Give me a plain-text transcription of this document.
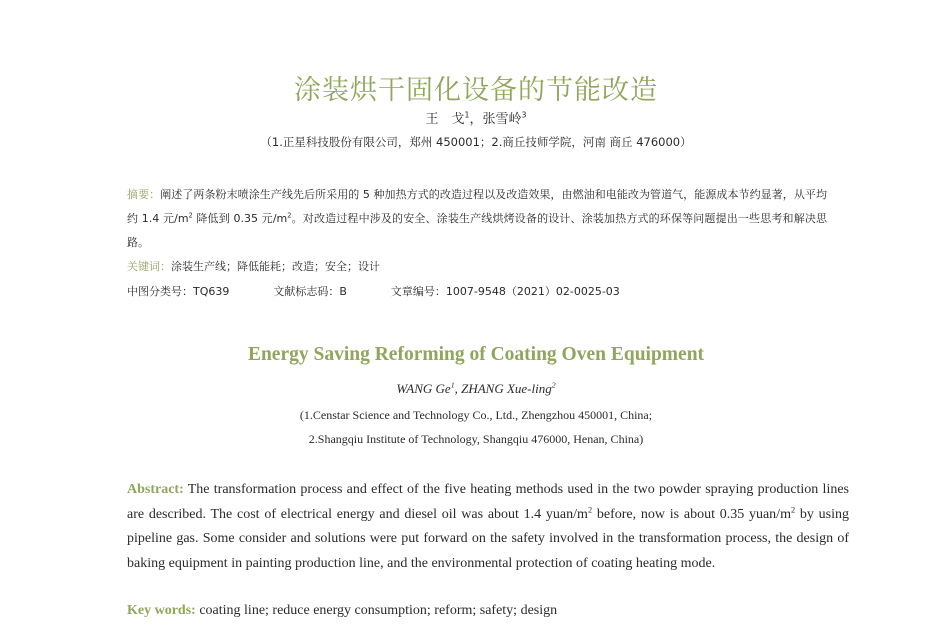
涂装烘干固化设备的节能改造
王　戈$^1$，张雪岭$^3$
（1.正星科技股份有限公司，郑州 450001；2.商丘技师学院，河南 商丘 476000）
摘要：阐述了两条粉末喷涂生产线先后所采用的 5 种加热方式的改造过程以及改造效果，由燃油和电能改为管道气，能源成本节约显著，从平均约 1.4 元$/m^2$ 降低到 0.35 元$/m^2$。对改造过程中涉及的安全、涂装生产线烘烤设备的设计、涂装加热方式的环保等问题提出一些思考和解决思路。
关键词：涂装生产线；降低能耗；改造；安全；设计
中图分类号：TQ639	文献标志码：B	文章编号：1007-9548（2021）02-0025-03
Energy Saving Reforming of Coating Oven Equipment
WANG Ge$^1$, ZHANG Xue-ling$^2$
(1.Censtar Science and Technology Co., Ltd., Zhengzhou 450001, China;
2.Shangqiu Institute of Technology, Shangqiu 476000, Henan, China)
Abstract: The transformation process and effect of the five heating methods used in the two powder spraying production lines are described. The cost of electrical energy and diesel oil was about 1.4 yuan/$m^2$ before, now is about 0.35 yuan/$m^2$ by using pipeline gas. Some consider and solutions were put forward on the safety involved in the transformation process, the design of baking equipment in painting production line, and the environmental protection of coating heating mode.
Key words: coating line; reduce energy consumption; reform; safety; design
